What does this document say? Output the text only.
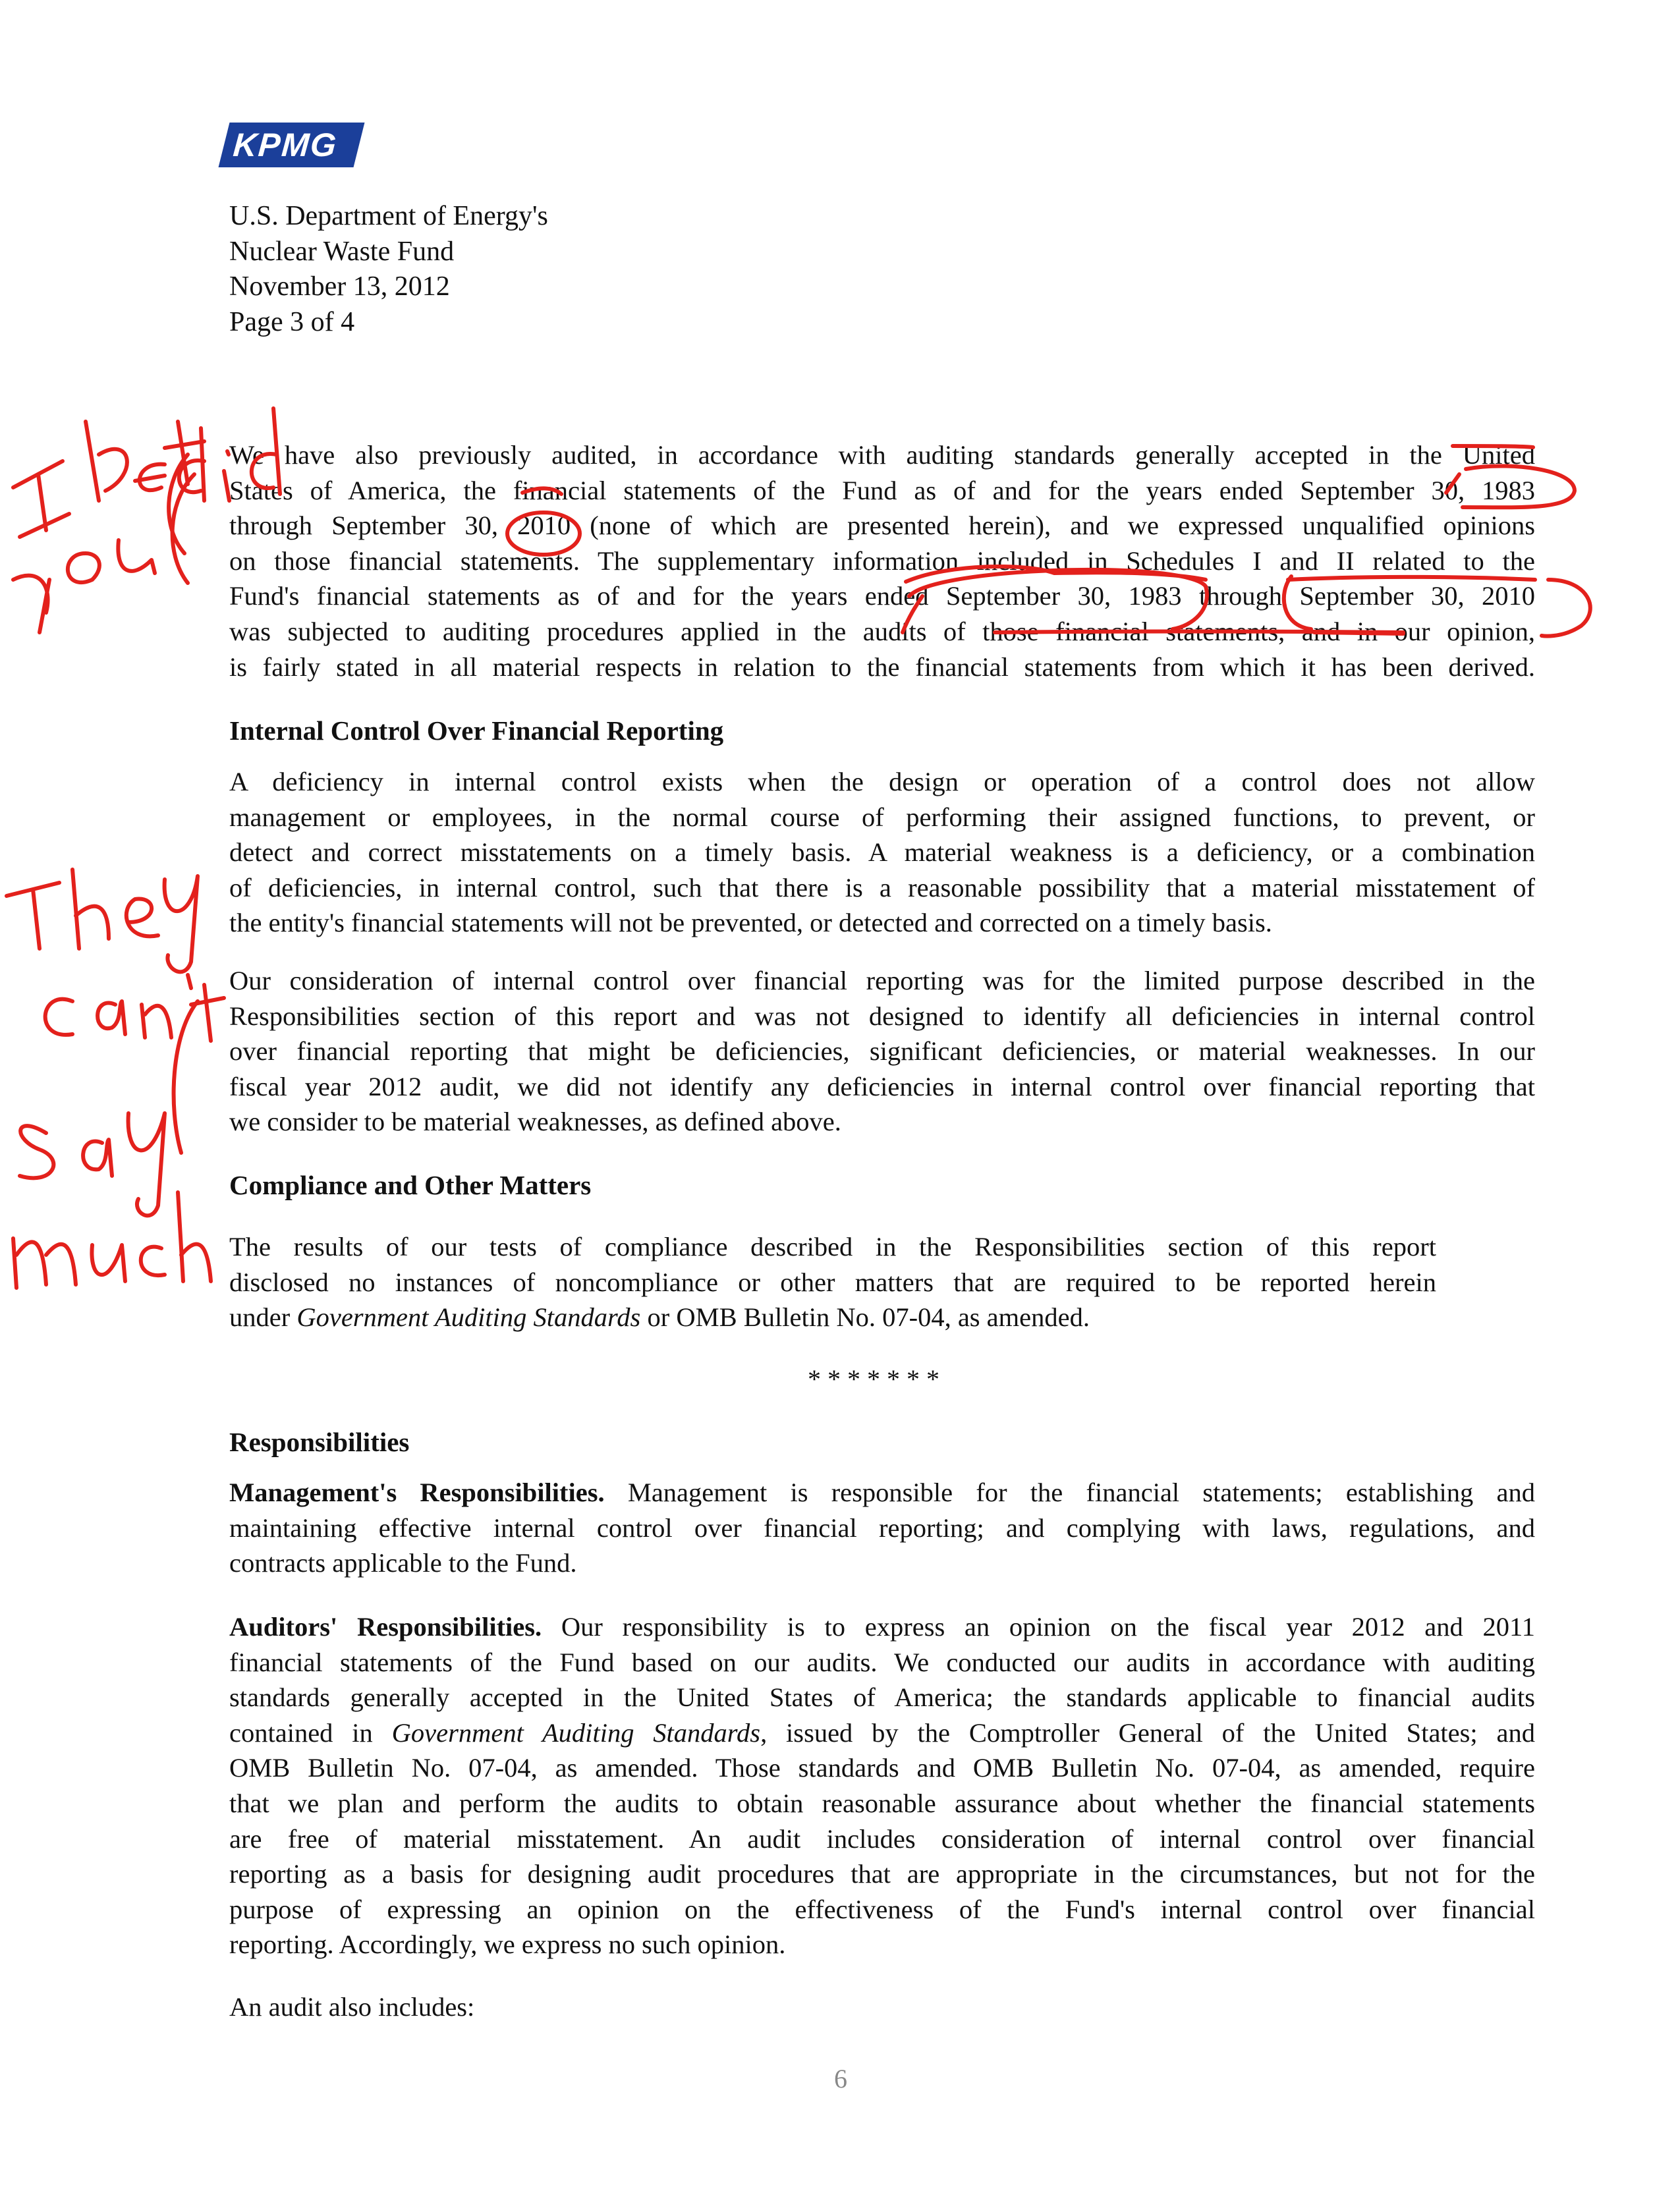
KPMG
U.S. Department of Energy's
Nuclear Waste Fund
November 13, 2012
Page 3 of 4
We have also previously audited, in accordance with auditing standards generally accepted in the United
States of America, the financial statements of the Fund as of and for the years ended September 30, 1983
through September 30, 2010 (none of which are presented herein), and we expressed unqualified opinions
on those financial statements. The supplementary information included in Schedules I and II related to the
Fund's financial statements as of and for the years ended September 30, 1983 through September 30, 2010
was subjected to auditing procedures applied in the audits of those financial statements, and in our opinion,
is fairly stated in all material respects in relation to the financial statements from which it has been derived.
Internal Control Over Financial Reporting
A deficiency in internal control exists when the design or operation of a control does not allow
management or employees, in the normal course of performing their assigned functions, to prevent, or
detect and correct misstatements on a timely basis. A material weakness is a deficiency, or a combination
of deficiencies, in internal control, such that there is a reasonable possibility that a material misstatement of
the entity's financial statements will not be prevented, or detected and corrected on a timely basis.
Our consideration of internal control over financial reporting was for the limited purpose described in the
Responsibilities section of this report and was not designed to identify all deficiencies in internal control
over financial reporting that might be deficiencies, significant deficiencies, or material weaknesses. In our
fiscal year 2012 audit, we did not identify any deficiencies in internal control over financial reporting that
we consider to be material weaknesses, as defined above.
Compliance and Other Matters
The results of our tests of compliance described in the Responsibilities section of this report
disclosed no instances of noncompliance or other matters that are required to be reported herein
under Government Auditing Standards or OMB Bulletin No. 07-04, as amended.
*******
Responsibilities
Management's Responsibilities. Management is responsible for the financial statements; establishing and
maintaining effective internal control over financial reporting; and complying with laws, regulations, and
contracts applicable to the Fund.
Auditors' Responsibilities. Our responsibility is to express an opinion on the fiscal year 2012 and 2011
financial statements of the Fund based on our audits. We conducted our audits in accordance with auditing
standards generally accepted in the United States of America; the standards applicable to financial audits
contained in Government Auditing Standards, issued by the Comptroller General of the United States; and
OMB Bulletin No. 07-04, as amended. Those standards and OMB Bulletin No. 07-04, as amended, require
that we plan and perform the audits to obtain reasonable assurance about whether the financial statements
are free of material misstatement. An audit includes consideration of internal control over financial
reporting as a basis for designing audit procedures that are appropriate in the circumstances, but not for the
purpose of expressing an opinion on the effectiveness of the Fund's internal control over financial
reporting. Accordingly, we express no such opinion.
An audit also includes:
6
